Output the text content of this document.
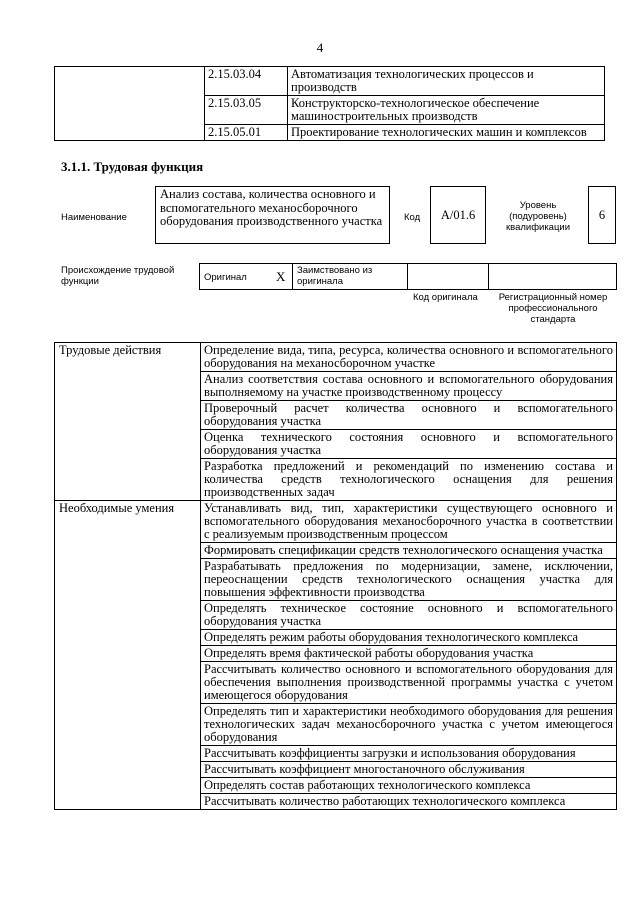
4
	2.15.03.04	Автоматизация технологических процессов и производств
	2.15.03.05	Конструкторско-технологическое обеспечение машиностроительных производств
	2.15.05.01	Проектирование технологических машин и комплексов
3.1.1. Трудовая функция
Наименование
Анализ состава, количества основного и вспомогательного механосборочного оборудования производственного участка	Код	A/01.6
Уровень (подуровень) квалификации
6
Происхождение трудовой функции	Оригинал X Заимствовано из оригинала
Код оригинала	Регистрационный номер профессионального стандарта
Трудовые действия	Определение вида, типа, ресурса, количества основного и вспомогательного оборудования на механосборочном участке
	Анализ соответствия состава основного и вспомогательного оборудования выполняемому на участке производственному процессу
	Проверочный расчет количества основного и вспомогательного оборудования участка
	Оценка технического состояния основного и вспомогательного оборудования участка
	Разработка предложений и рекомендаций по изменению состава и количества средств технологического оснащения для решения производственных задач
Необходимые умения	Устанавливать вид, тип, характеристики существующего основного и вспомогательного оборудования механосборочного участка в соответствии с реализуемым производственным процессом
	Формировать спецификации средств технологического оснащения участка
	Разрабатывать предложения по модернизации, замене, исключении, переоснащении средств технологического оснащения участка для повышения эффективности производства
	Определять техническое состояние основного и вспомогательного оборудования участка
	Определять режим работы оборудования технологического комплекса
	Определять время фактической работы оборудования участка
	Рассчитывать количество основного и вспомогательного оборудования для обеспечения выполнения производственной программы участка с учетом имеющегося оборудования
	Определять тип и характеристики необходимого оборудования для решения технологических задач механосборочного участка с учетом имеющегося оборудования
	Рассчитывать коэффициенты загрузки и использования оборудования
	Рассчитывать коэффициент многостаночного обслуживания
	Определять состав работающих технологического комплекса
	Рассчитывать количество работающих технологического комплекса
